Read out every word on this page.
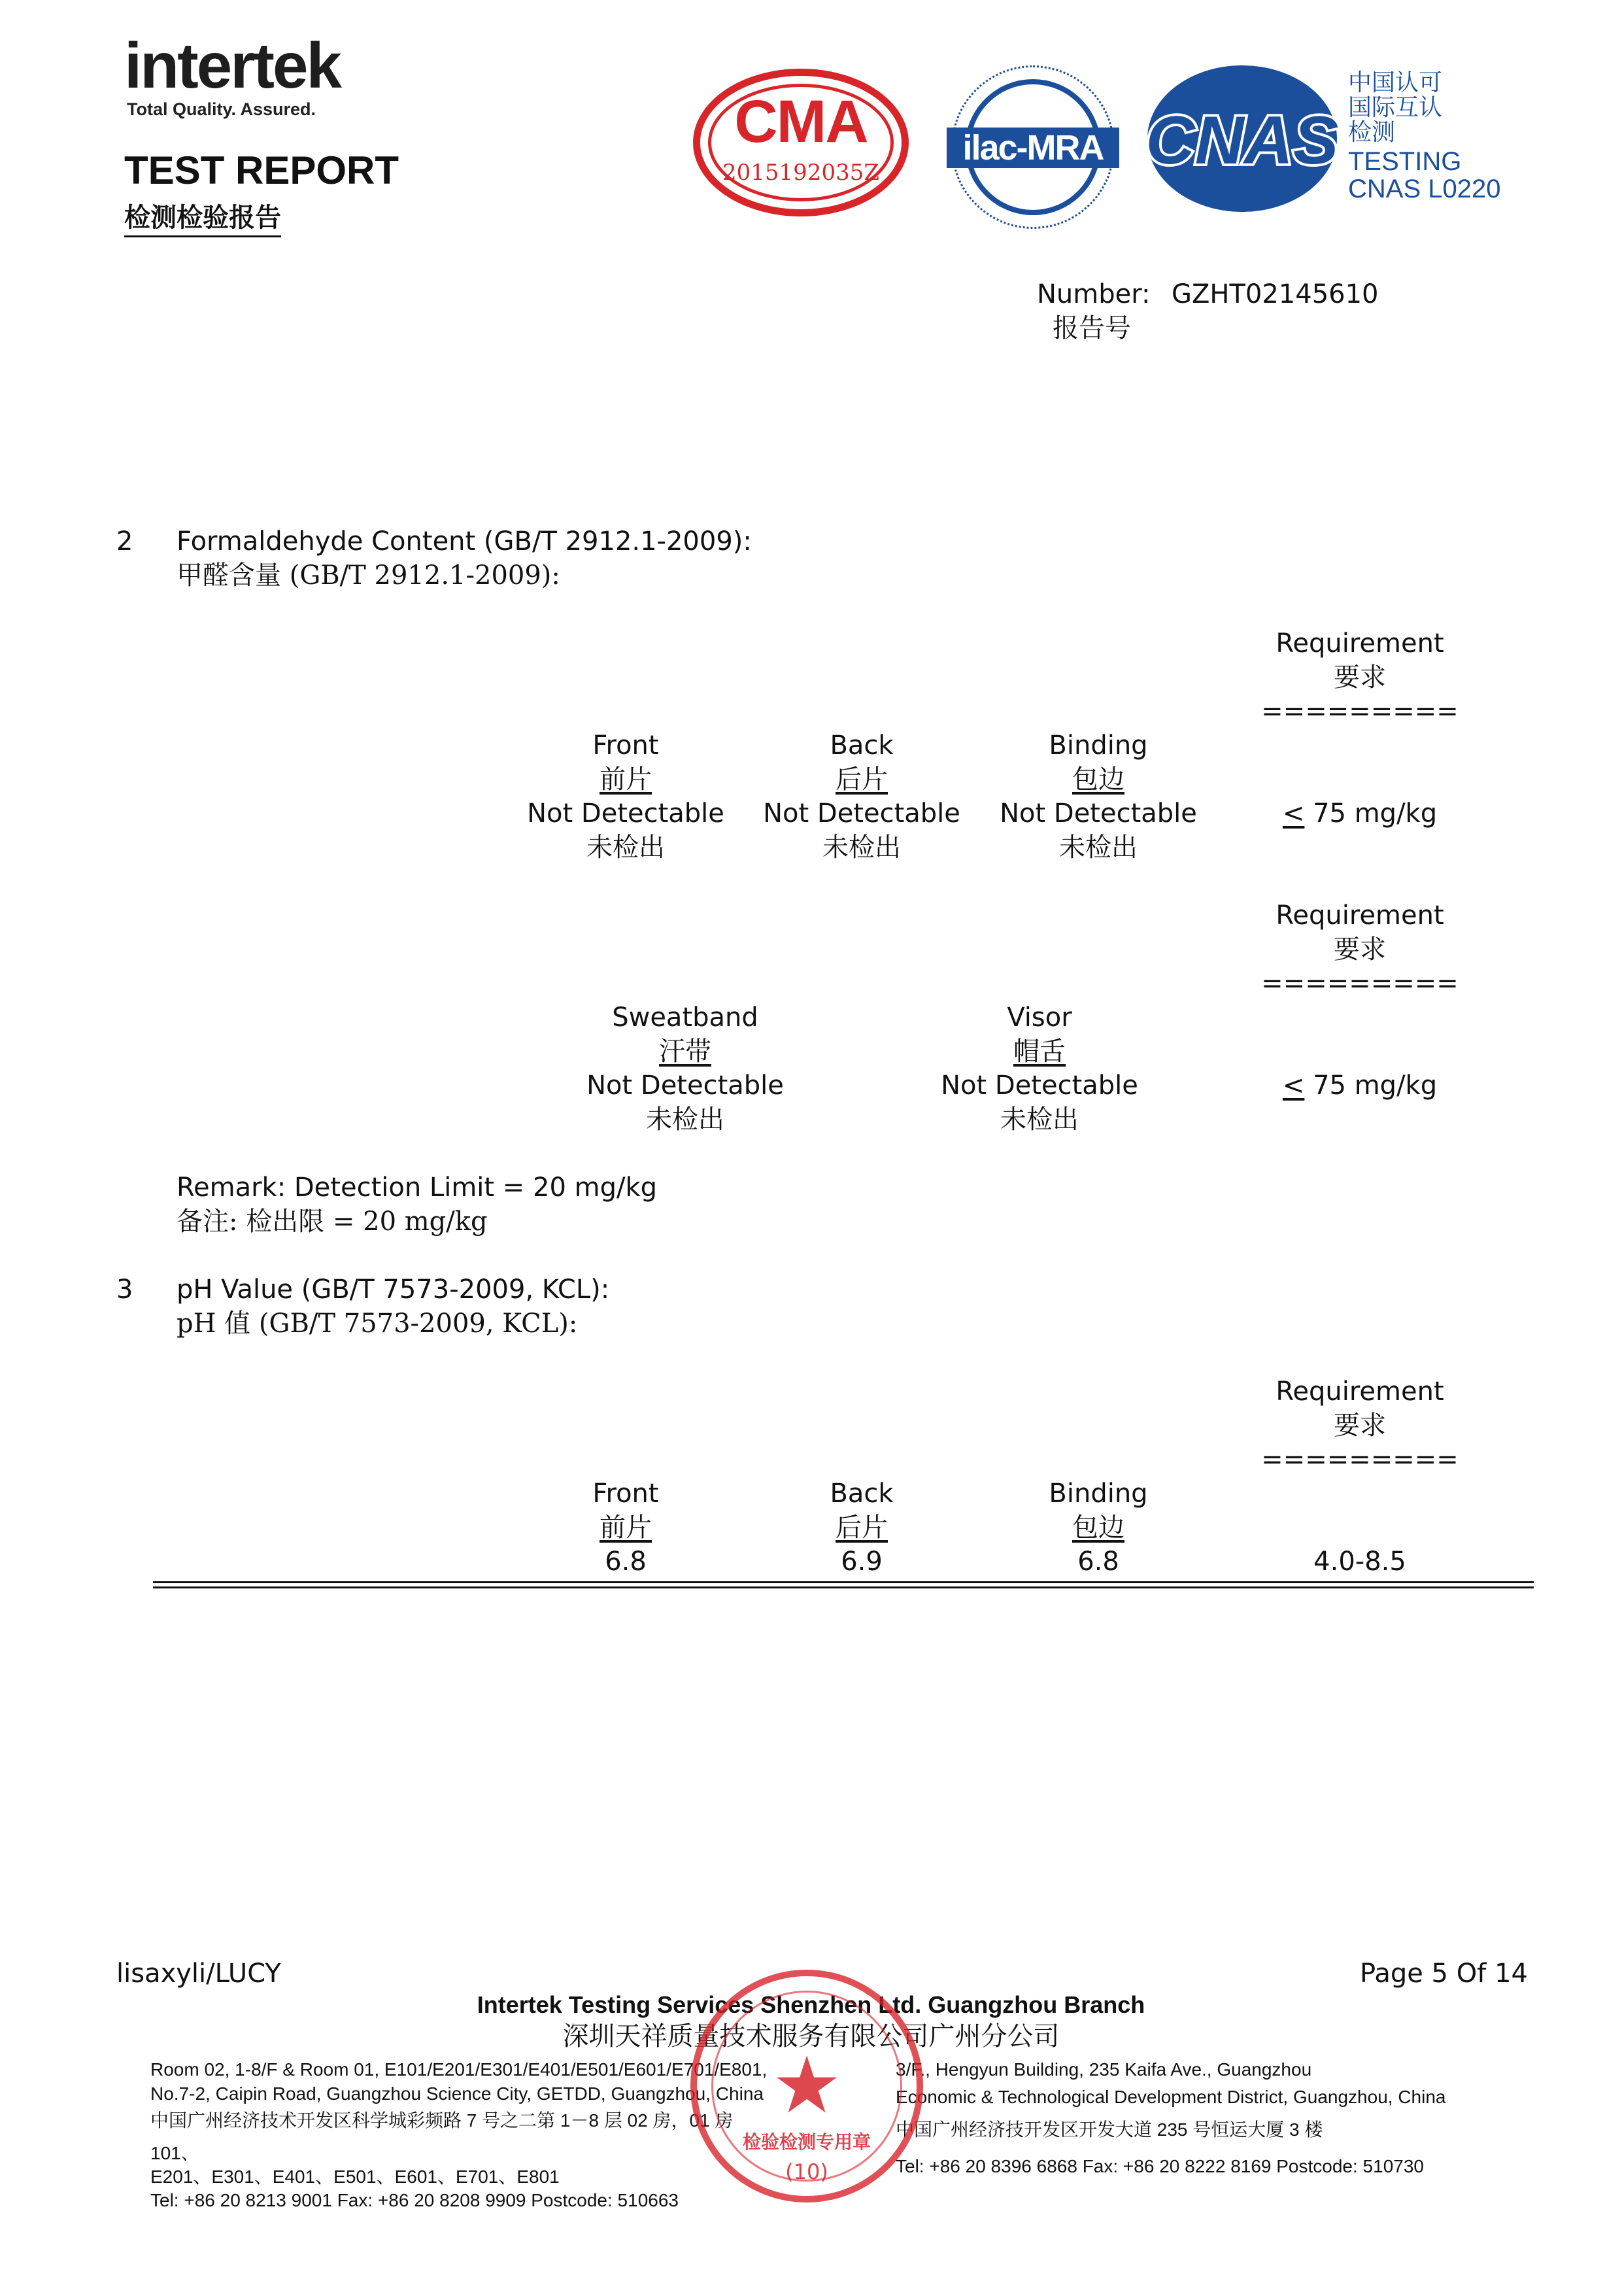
intertek
Total Quality. Assured.
TEST REPORT
检测检验报告
CMA
2015192035Z
ilac-MRA CNAS
中国认可
国际互认
检测
TESTING
CNAS L0220
Number: GZHT02145610
报告号
2 Formaldehyde Content (GB/T 2912.1-2009):
甲醛含量 (GB/T 2912.1-2009):
Requirement
要求
=========
Front
前片
Not Detectable
未检出
Back
后片
Not Detectable
未检出
Binding
包边
Not Detectable
未检出
< 75 mg/kg
Requirement
要求
=========
Sweatband
汗带
Not Detectable
未检出
Visor
帽舌
Not Detectable
未检出
< 75 mg/kg
Remark: Detection Limit = 20 mg/kg
备注: 检出限 = 20 mg/kg
3 pH Value (GB/T 7573-2009, KCL):
pH 值 (GB/T 7573-2009, KCL):
Requirement
要求
=========
Front
前片
6.8
Back
后片
6.9
Binding
包边
6.8	4.0-8.5
lisaxyli/LUCY	Page 5 Of 14
Intertek Testing Services Shenzhen Ltd. Guangzhou Branch
深圳天祥质量技术服务有限公司广州分公司
Room 02, 1-8/F & Room 01, E101/E201/E301/E401/E501/E601/E701/E801,
No.7-2, Caipin Road, Guangzhou Science City, GETDD, Guangzhou, China
中国广州经济技术开发区科学城彩频路 7 号之二第 1－8 层 02 房，01 房
101、
E201、E301、E401、E501、E601、E701、E801
Tel: +86 20 8213 9001 Fax: +86 20 8208 9909 Postcode: 510663
3/F., Hengyun Building, 235 Kaifa Ave., Guangzhou
Economic & Technological Development District, Guangzhou, China
中国广州经济技开发区开发大道 235 号恒运大厦 3 楼
Tel: +86 20 8396 6868 Fax: +86 20 8222 8169 Postcode: 510730
★
检验检测专用章
(10)
